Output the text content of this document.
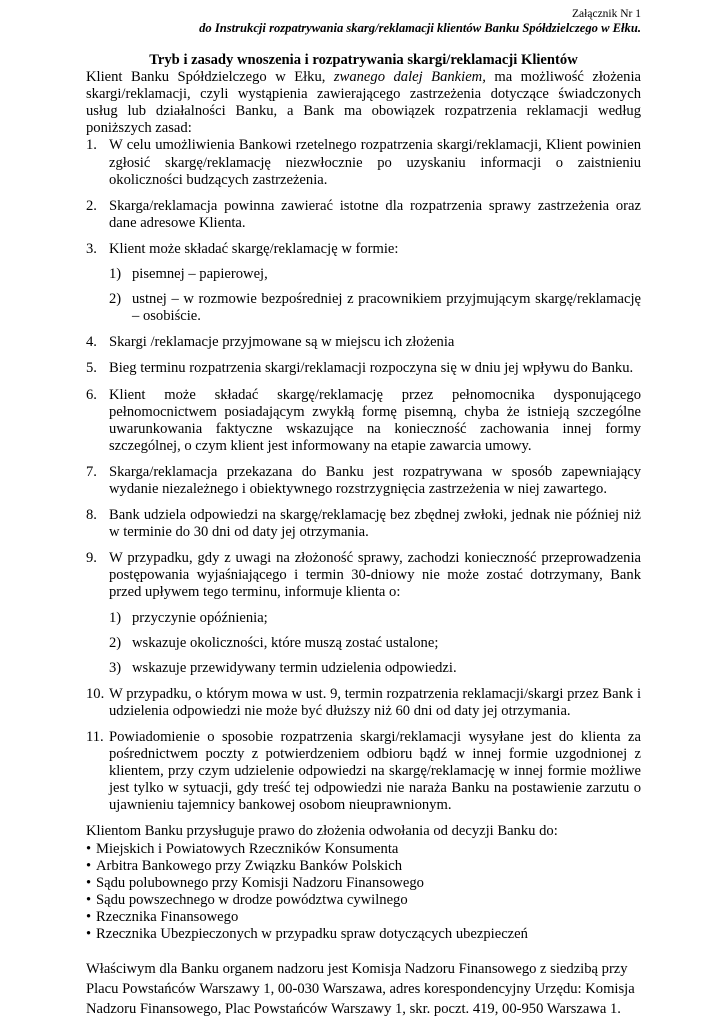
Załącznik Nr 1
do Instrukcji rozpatrywania skarg/reklamacji klientów Banku Spółdzielczego w Ełku.
Tryb i zasady wnoszenia i rozpatrywania skargi/reklamacji Klientów
Klient Banku Spółdzielczego w Ełku, zwanego dalej Bankiem, ma możliwość złożenia skargi/reklamacji, czyli wystąpienia zawierającego zastrzeżenia dotyczące świadczonych usług lub działalności Banku, a Bank ma obowiązek rozpatrzenia reklamacji według poniższych zasad:
1. W celu umożliwienia Bankowi rzetelnego rozpatrzenia skargi/reklamacji, Klient powinien zgłosić skargę/reklamację niezwłocznie po uzyskaniu informacji o zaistnieniu okoliczności budzących zastrzeżenia.
2. Skarga/reklamacja powinna zawierać istotne dla rozpatrzenia sprawy zastrzeżenia oraz dane adresowe Klienta.
3. Klient może składać skargę/reklamację w formie:
1) pisemnej – papierowej,
2) ustnej – w rozmowie bezpośredniej z pracownikiem przyjmującym skargę/reklamację – osobiście.
4. Skargi /reklamacje przyjmowane są w miejscu ich złożenia
5. Bieg terminu rozpatrzenia skargi/reklamacji rozpoczyna się w dniu jej wpływu do Banku.
6. Klient może składać skargę/reklamację przez pełnomocnika dysponującego pełnomocnictwem posiadającym zwykłą formę pisemną, chyba że istnieją szczególne uwarunkowania faktyczne wskazujące na konieczność zachowania innej formy szczególnej, o czym klient jest informowany na etapie zawarcia umowy.
7. Skarga/reklamacja przekazana do Banku jest rozpatrywana w sposób zapewniający wydanie niezależnego i obiektywnego rozstrzygnięcia zastrzeżenia w niej zawartego.
8. Bank udziela odpowiedzi na skargę/reklamację bez zbędnej zwłoki, jednak nie później niż w terminie do 30 dni od daty jej otrzymania.
9. W przypadku, gdy z uwagi na złożoność sprawy, zachodzi konieczność przeprowadzenia postępowania wyjaśniającego i termin 30-dniowy nie może zostać dotrzymany, Bank przed upływem tego terminu, informuje klienta o:
1) przyczynie opóźnienia;
2) wskazuje okoliczności, które muszą zostać ustalone;
3) wskazuje przewidywany termin udzielenia odpowiedzi.
10. W przypadku, o którym mowa w ust. 9, termin rozpatrzenia reklamacji/skargi przez Bank i udzielenia odpowiedzi nie może być dłuższy niż 60 dni od daty jej otrzymania.
11. Powiadomienie o sposobie rozpatrzenia skargi/reklamacji wysyłane jest do klienta za pośrednictwem poczty z potwierdzeniem odbioru bądź w innej formie uzgodnionej z klientem, przy czym udzielenie odpowiedzi na skargę/reklamację w innej formie możliwe jest tylko w sytuacji, gdy treść tej odpowiedzi nie naraża Banku na postawienie zarzutu o ujawnieniu tajemnicy bankowej osobom nieuprawnionym.
Klientom Banku przysługuje prawo do złożenia odwołania od decyzji Banku do:
• Miejskich i Powiatowych Rzeczników Konsumenta
• Arbitra Bankowego przy Związku Banków Polskich
• Sądu polubownego przy Komisji Nadzoru Finansowego
• Sądu powszechnego w drodze powództwa cywilnego
• Rzecznika Finansowego
• Rzecznika Ubezpieczonych w przypadku spraw dotyczących ubezpieczeń
Właściwym dla Banku organem nadzoru jest Komisja Nadzoru Finansowego z siedzibą przy Placu Powstańców Warszawy 1, 00-030 Warszawa, adres korespondencyjny Urzędu: Komisja Nadzoru Finansowego, Plac Powstańców Warszawy 1, skr. poczt. 419, 00-950 Warszawa 1.
